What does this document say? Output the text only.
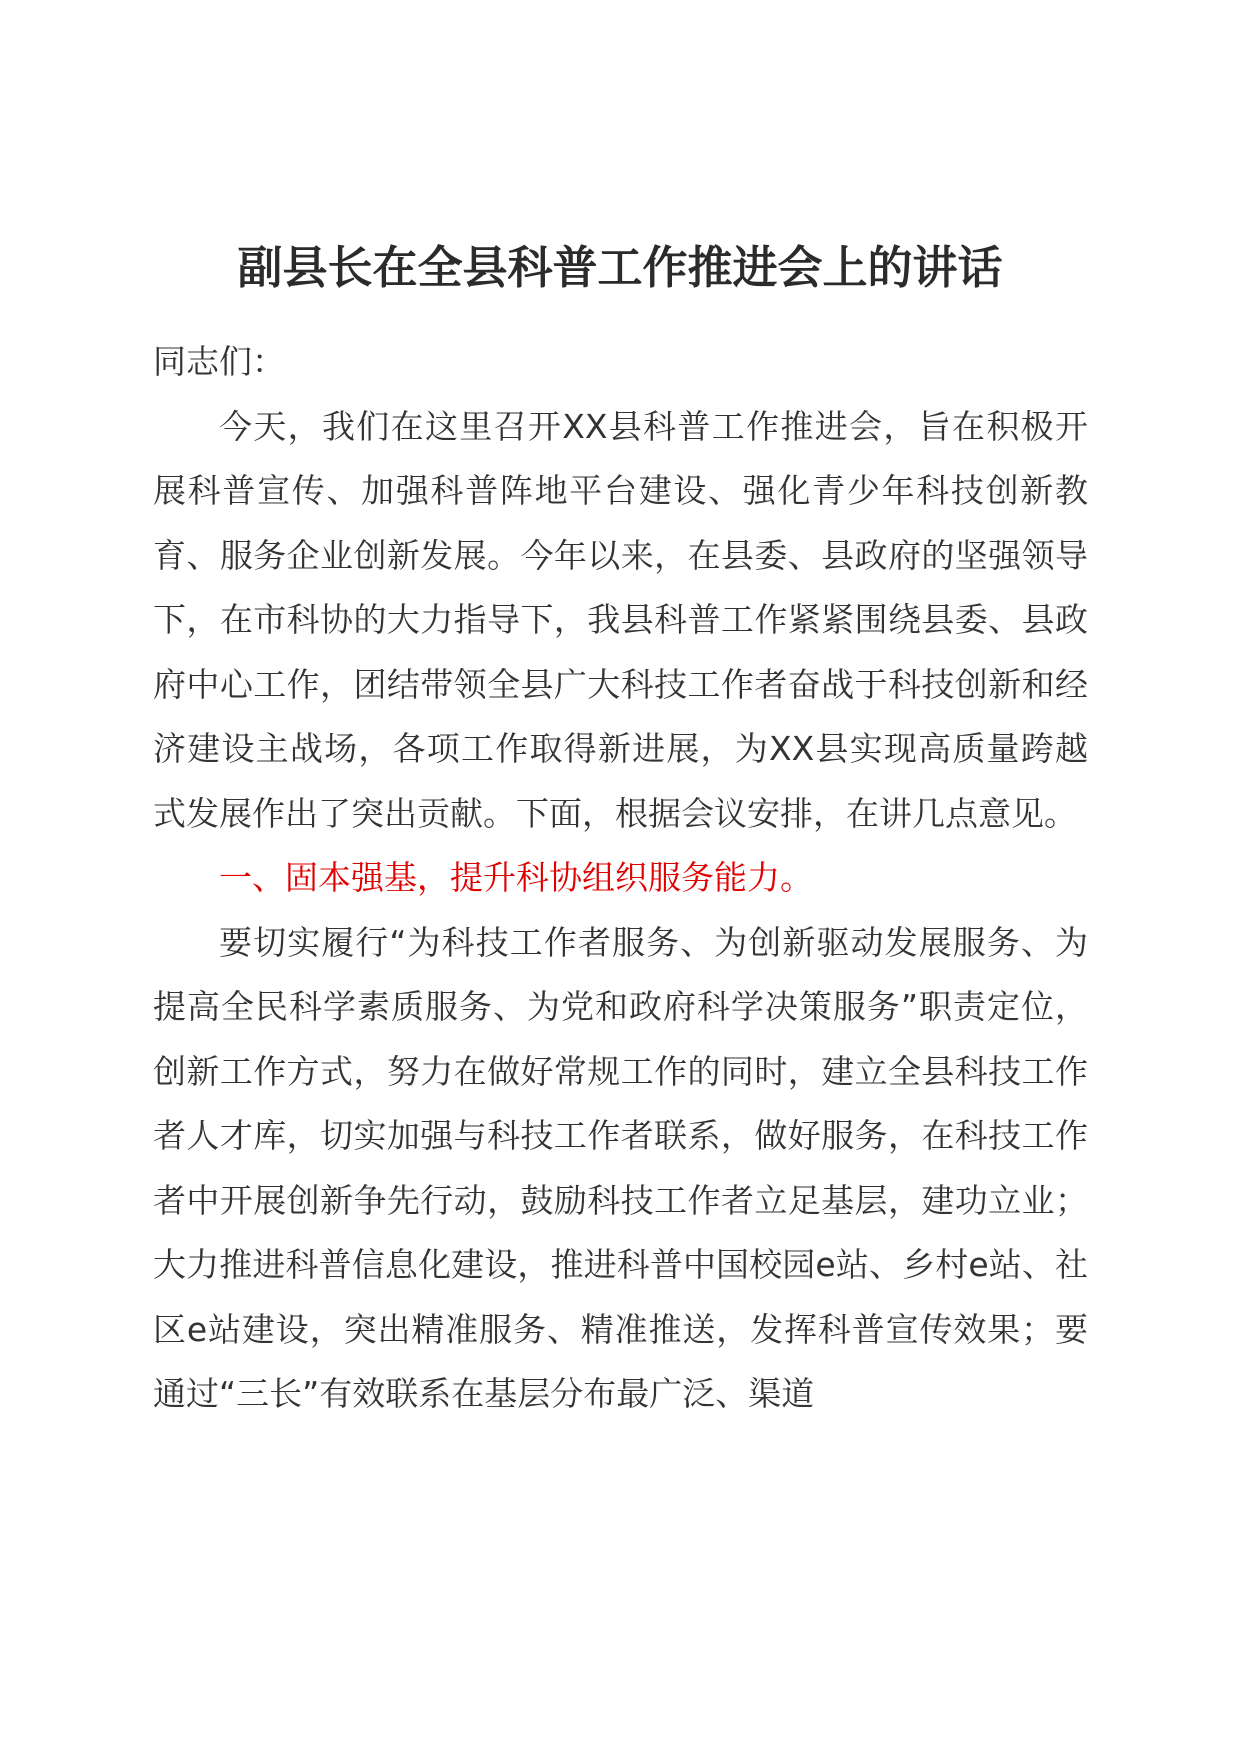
副县长在全县科普工作推进会上的讲话

同志们：

今天，我们在这里召开XX县科普工作推进会，旨在积极开展科普宣传、加强科普阵地平台建设、强化青少年科技创新教育、服务企业创新发展。今年以来，在县委、县政府的坚强领导下，在市科协的大力指导下，我县科普工作紧紧围绕县委、县政府中心工作，团结带领全县广大科技工作者奋战于科技创新和经济建设主战场，各项工作取得新进展，为XX县实现高质量跨越式发展作出了突出贡献。下面，根据会议安排，在讲几点意见。

一、固本强基，提升科协组织服务能力。

要切实履行“为科技工作者服务、为创新驱动发展服务、为提高全民科学素质服务、为党和政府科学决策服务”职责定位，创新工作方式，努力在做好常规工作的同时，建立全县科技工作者人才库，切实加强与科技工作者联系，做好服务，在科技工作者中开展创新争先行动，鼓励科技工作者立足基层，建功立业；大力推进科普信息化建设，推进科普中国校园e站、乡村e站、社区e站建设，突出精准服务、精准推送，发挥科普宣传效果；要通过“三长”有效联系在基层分布最广泛、渠道
